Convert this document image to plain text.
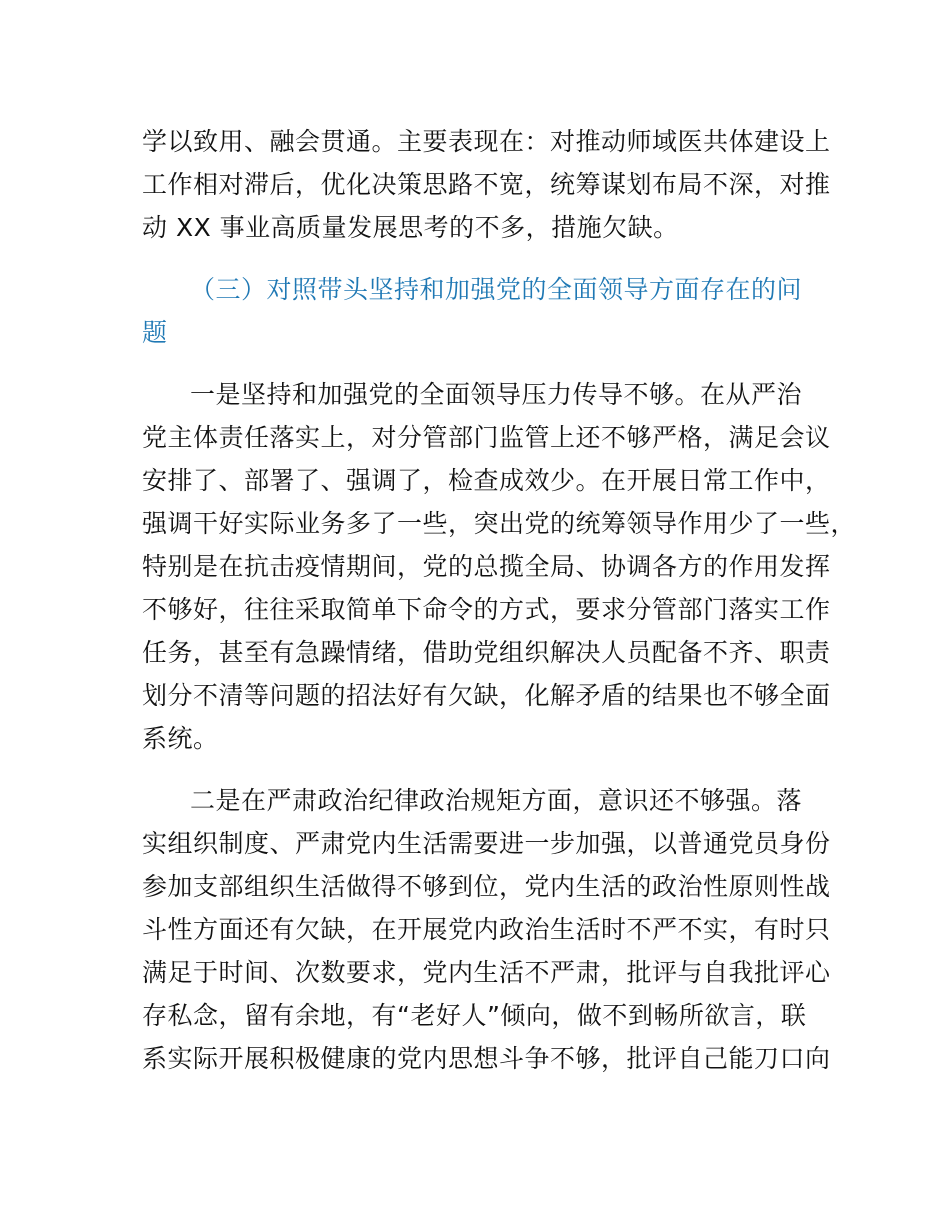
学以致用、融会贯通。主要表现在：对推动师域医共体建设上
工作相对滞后，优化决策思路不宽，统筹谋划布局不深，对推
动 XX 事业高质量发展思考的不多，措施欠缺。
（三）对照带头坚持和加强党的全面领导方面存在的问
题
一是坚持和加强党的全面领导压力传导不够。在从严治
党主体责任落实上，对分管部门监管上还不够严格，满足会议
安排了、部署了、强调了，检查成效少。在开展日常工作中，
强调干好实际业务多了一些，突出党的统筹领导作用少了一些，
特别是在抗击疫情期间，党的总揽全局、协调各方的作用发挥
不够好，往往采取简单下命令的方式，要求分管部门落实工作
任务，甚至有急躁情绪，借助党组织解决人员配备不齐、职责
划分不清等问题的招法好有欠缺，化解矛盾的结果也不够全面
系统。
二是在严肃政治纪律政治规矩方面，意识还不够强。落
实组织制度、严肃党内生活需要进一步加强，以普通党员身份
参加支部组织生活做得不够到位，党内生活的政治性原则性战
斗性方面还有欠缺，在开展党内政治生活时不严不实，有时只
满足于时间、次数要求，党内生活不严肃，批评与自我批评心
存私念，留有余地，有“老好人”倾向，做不到畅所欲言，联
系实际开展积极健康的党内思想斗争不够，批评自己能刀口向
